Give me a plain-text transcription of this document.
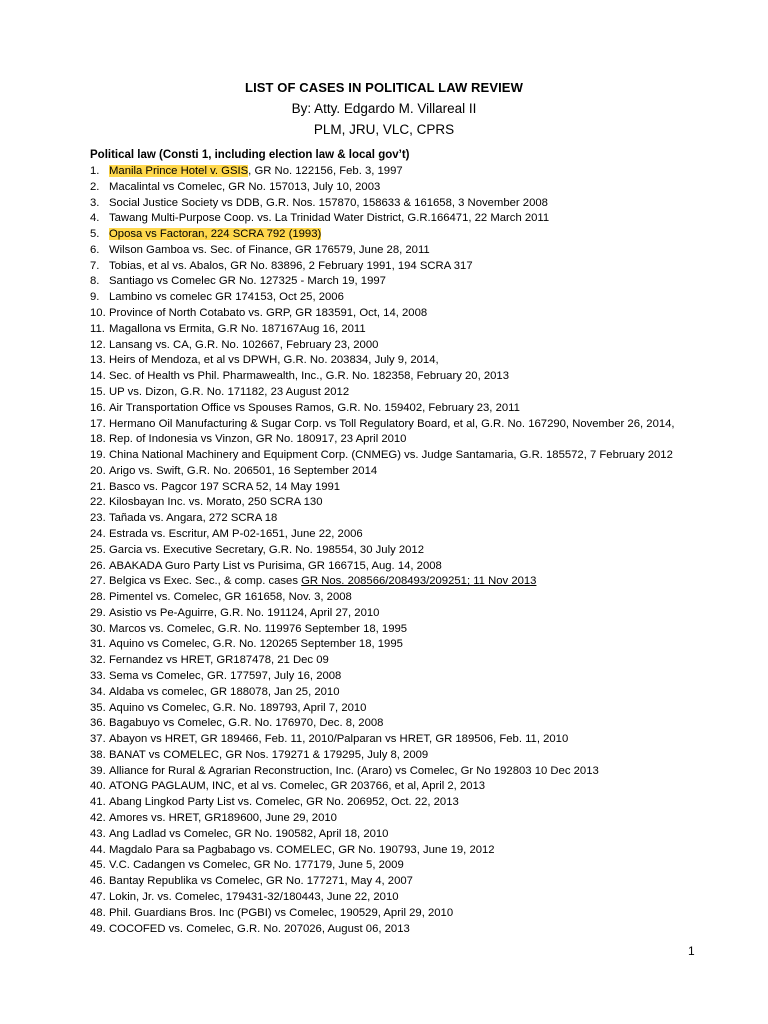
LIST OF CASES IN POLITICAL LAW REVIEW
By: Atty. Edgardo M. Villareal II
PLM, JRU, VLC, CPRS
Political law (Consti 1, including election law & local gov’t)
1. Manila Prince Hotel v. GSIS, GR No. 122156, Feb. 3, 1997
2. Macalintal vs Comelec, GR No. 157013, July 10, 2003
3. Social Justice Society vs DDB, G.R. Nos. 157870, 158633 & 161658, 3 November 2008
4. Tawang Multi-Purpose Coop. vs. La Trinidad Water District, G.R.166471, 22 March 2011
5. Oposa vs Factoran, 224 SCRA 792 (1993)
6. Wilson Gamboa vs. Sec. of Finance, GR 176579, June 28, 2011
7. Tobias, et al vs. Abalos, GR No. 83896, 2 February 1991, 194 SCRA 317
8. Santiago vs Comelec GR No. 127325 - March 19, 1997
9. Lambino vs comelec GR 174153, Oct 25, 2006
10. Province of North Cotabato vs. GRP, GR 183591, Oct, 14, 2008
11. Magallona vs Ermita, G.R No. 187167Aug 16, 2011
12. Lansang vs. CA, G.R. No. 102667, February 23, 2000
13. Heirs of Mendoza, et al vs DPWH, G.R. No. 203834, July 9, 2014,
14. Sec. of Health vs Phil. Pharmawealth, Inc., G.R. No. 182358, February 20, 2013
15. UP vs. Dizon, G.R. No. 171182, 23 August 2012
16. Air Transportation Office vs Spouses Ramos, G.R. No. 159402, February 23, 2011
17. Hermano Oil Manufacturing & Sugar Corp. vs Toll Regulatory Board, et al, G.R. No. 167290, November 26, 2014,
18. Rep. of Indonesia vs Vinzon, GR No. 180917, 23 April 2010
19. China National Machinery and Equipment Corp. (CNMEG) vs. Judge Santamaria, G.R. 185572, 7 February 2012
20. Arigo vs. Swift, G.R. No. 206501, 16 September 2014
21. Basco vs. Pagcor 197 SCRA 52, 14 May 1991
22. Kilosbayan Inc. vs. Morato, 250 SCRA 130
23. Tañada vs. Angara, 272 SCRA 18
24. Estrada vs. Escritur, AM P-02-1651, June 22, 2006
25. Garcia vs. Executive Secretary, G.R. No. 198554, 30 July 2012
26. ABAKADA Guro Party List vs Purisima, GR 166715, Aug. 14, 2008
27. Belgica vs Exec. Sec., & comp. cases GR Nos. 208566/208493/209251; 11 Nov 2013
28. Pimentel vs. Comelec, GR 161658, Nov. 3, 2008
29. Asistio vs Pe-Aguirre, G.R. No. 191124, April 27, 2010
30. Marcos vs. Comelec, G.R. No. 119976 September 18, 1995
31. Aquino vs Comelec, G.R. No. 120265 September 18, 1995
32. Fernandez vs HRET, GR187478, 21 Dec 09
33. Sema vs Comelec, GR. 177597, July 16, 2008
34. Aldaba vs comelec, GR 188078, Jan 25, 2010
35. Aquino vs Comelec, G.R. No. 189793, April 7, 2010
36. Bagabuyo vs Comelec, G.R. No. 176970, Dec. 8, 2008
37. Abayon vs HRET, GR 189466, Feb. 11, 2010/Palparan vs HRET, GR 189506, Feb. 11, 2010
38. BANAT vs COMELEC, GR Nos. 179271 & 179295, July 8, 2009
39. Alliance for Rural & Agrarian Reconstruction, Inc. (Araro) vs Comelec, Gr No 192803 10 Dec 2013
40. ATONG PAGLAUM, INC, et al vs. Comelec, GR 203766, et al, April 2, 2013
41. Abang Lingkod Party List vs. Comelec, GR No. 206952, Oct. 22, 2013
42. Amores vs. HRET, GR189600, June 29, 2010
43. Ang Ladlad vs Comelec, GR No. 190582, April 18, 2010
44. Magdalo Para sa Pagbabago vs. COMELEC, GR No. 190793, June 19, 2012
45. V.C. Cadangen vs Comelec, GR No. 177179, June 5, 2009
46. Bantay Republika vs Comelec, GR No. 177271, May 4, 2007
47. Lokin, Jr. vs. Comelec, 179431-32/180443, June 22, 2010
48. Phil. Guardians Bros. Inc (PGBI) vs Comelec, 190529, April 29, 2010
49. COCOFED vs. Comelec, G.R. No. 207026, August 06, 2013
1
